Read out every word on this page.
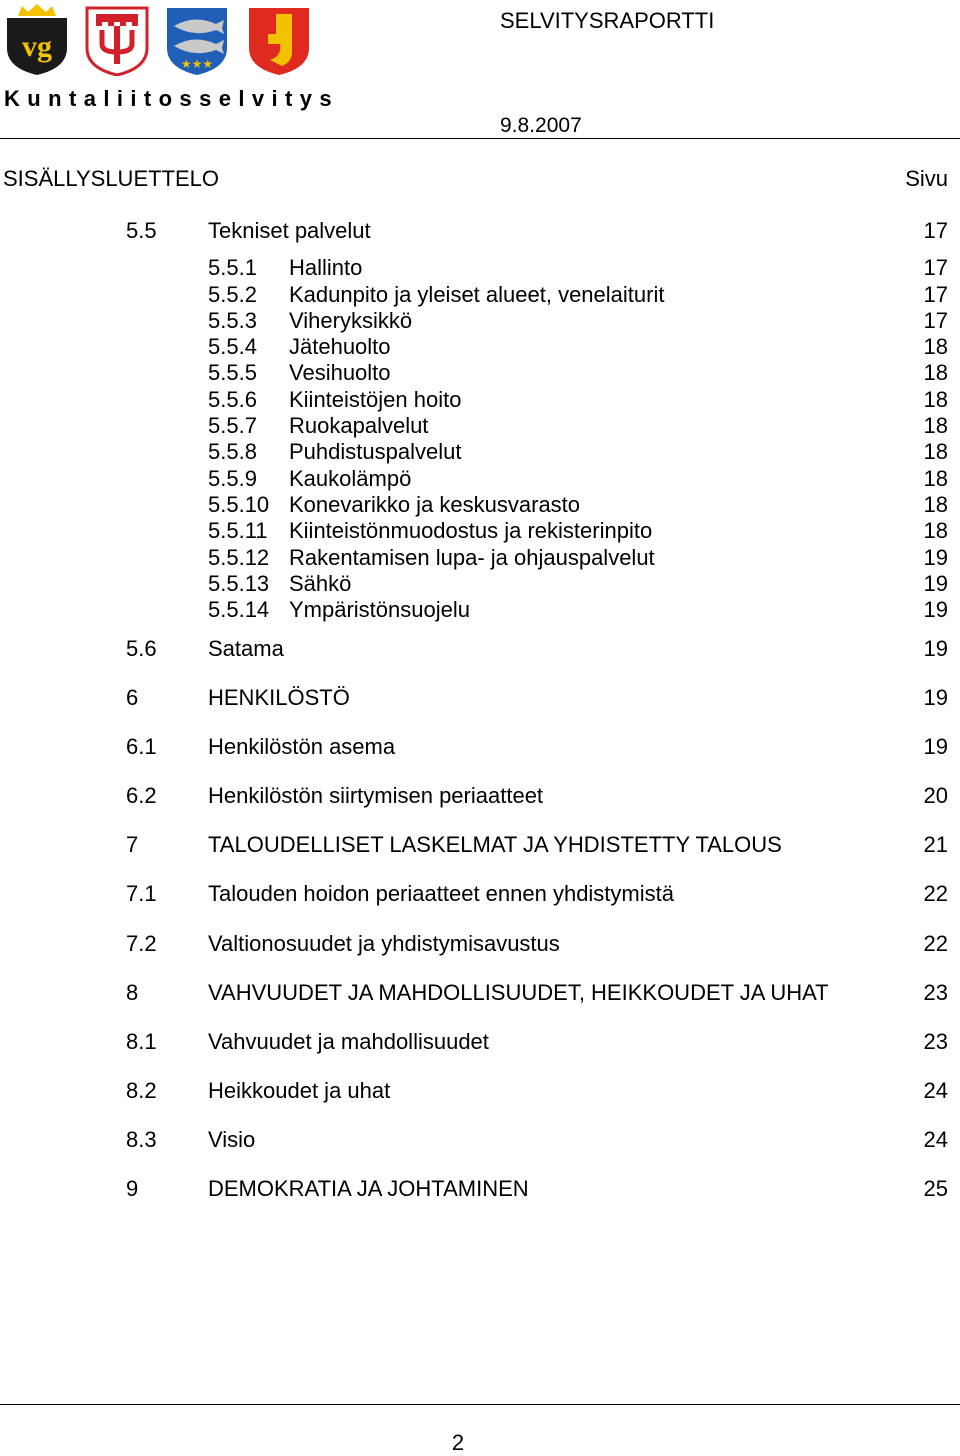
vg
★★★
SELVITYSRAPORTTI
Kuntaliitosselvitys
9.8.2007
SISÄLLYSLUETTELO	Sivu
5.5 Tekniset palvelut	17
5.5.1 Hallinto	17
5.5.2 Kadunpito ja yleiset alueet, venelaiturit	17
5.5.3 Viheryksikkö	17
5.5.4 Jätehuolto	18
5.5.5 Vesihuolto	18
5.5.6 Kiinteistöjen hoito	18
5.5.7 Ruokapalvelut	18
5.5.8 Puhdistuspalvelut	18
5.5.9 Kaukolämpö	18
5.5.10 Konevarikko ja keskusvarasto	18
5.5.11 Kiinteistönmuodostus ja rekisterinpito	18
5.5.12 Rakentamisen lupa- ja ohjauspalvelut	19
5.5.13 Sähkö	19
5.5.14 Ympäristönsuojelu	19
5.6 Satama	19
6	HENKILÖSTÖ	19
6.1 Henkilöstön asema	19
6.2 Henkilöstön siirtymisen periaatteet	20
7	TALOUDELLISET LASKELMAT JA YHDISTETTY TALOUS	21
7.1 Talouden hoidon periaatteet ennen yhdistymistä	22
7.2 Valtionosuudet ja yhdistymisavustus	22
8	VAHVUUDET JA MAHDOLLISUUDET, HEIKKOUDET JA UHAT	23
8.1 Vahvuudet ja mahdollisuudet	23
8.2 Heikkoudet ja uhat	24
8.3 Visio	24
9	DEMOKRATIA JA JOHTAMINEN	25
2
